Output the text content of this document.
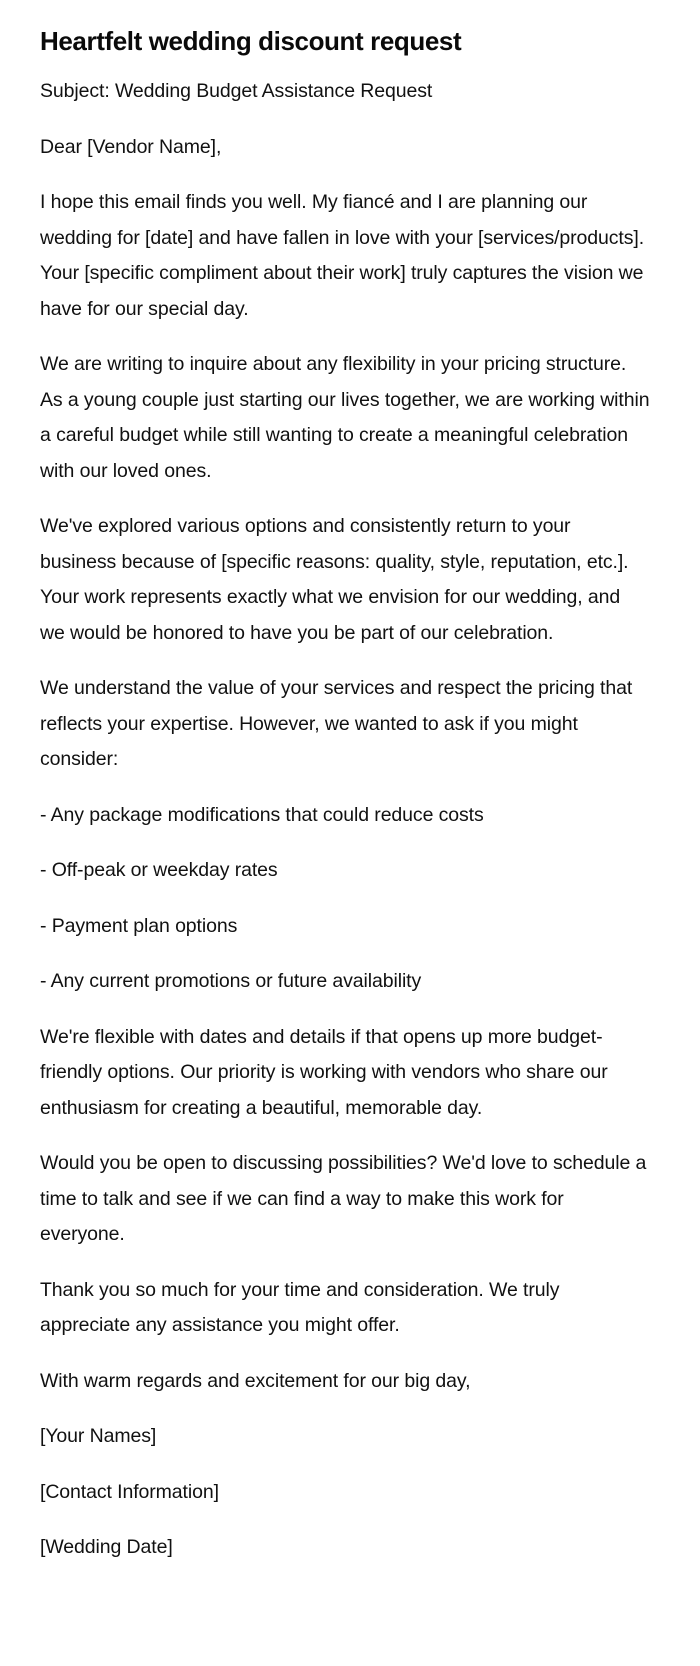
Heartfelt wedding discount request

Subject: Wedding Budget Assistance Request

Dear [Vendor Name],

I hope this email finds you well. My fiancé and I are planning our wedding for [date] and have fallen in love with your [services/products]. Your [specific compliment about their work] truly captures the vision we have for our special day.

We are writing to inquire about any flexibility in your pricing structure. As a young couple just starting our lives together, we are working within a careful budget while still wanting to create a meaningful celebration with our loved ones.

We've explored various options and consistently return to your business because of [specific reasons: quality, style, reputation, etc.]. Your work represents exactly what we envision for our wedding, and we would be honored to have you be part of our celebration.

We understand the value of your services and respect the pricing that reflects your expertise. However, we wanted to ask if you might consider:

- Any package modifications that could reduce costs

- Off-peak or weekday rates

- Payment plan options

- Any current promotions or future availability

We're flexible with dates and details if that opens up more budget-friendly options. Our priority is working with vendors who share our enthusiasm for creating a beautiful, memorable day.

Would you be open to discussing possibilities? We'd love to schedule a time to talk and see if we can find a way to make this work for everyone.

Thank you so much for your time and consideration. We truly appreciate any assistance you might offer.

With warm regards and excitement for our big day,

[Your Names]

[Contact Information]

[Wedding Date]
